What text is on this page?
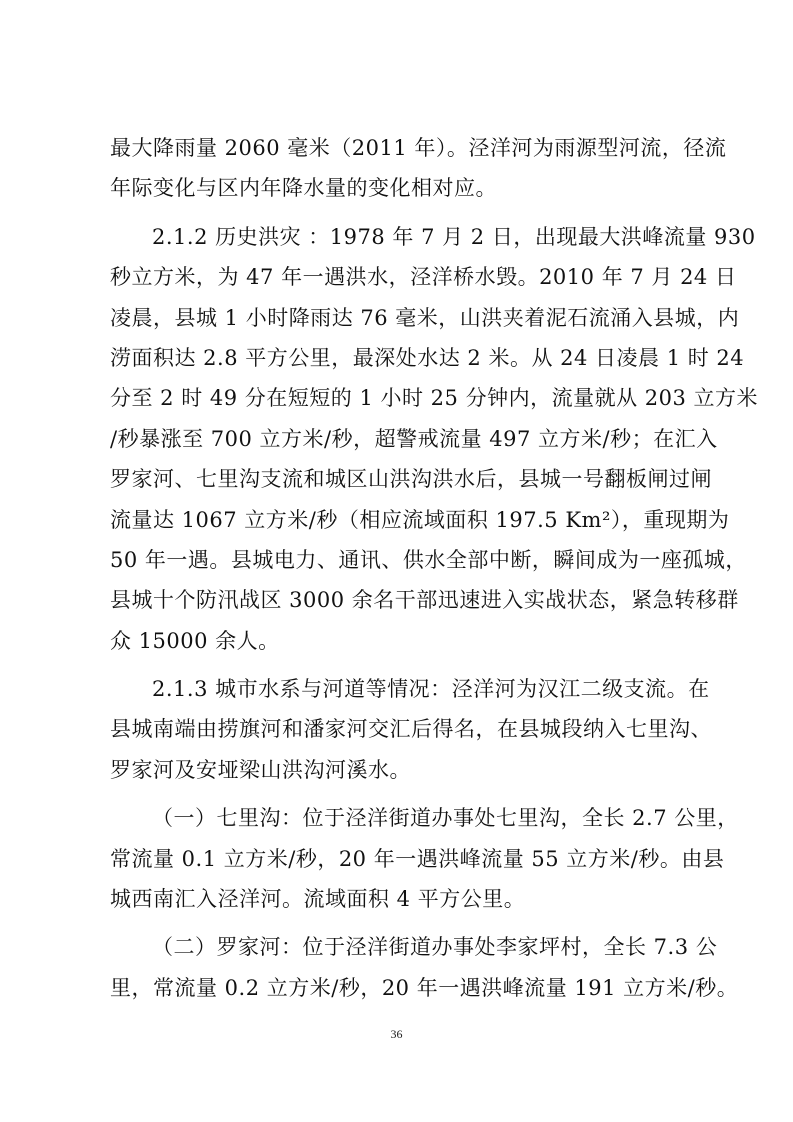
最大降雨量 2060 毫米（2011 年）。泾洋河为雨源型河流，径流
年际变化与区内年降水量的变化相对应。
2.1.2 历史洪灾 ：1978 年 7 月 2 日，出现最大洪峰流量 930
秒立方米，为 47 年一遇洪水，泾洋桥水毁。2010 年 7 月 24 日
凌晨，县城 1 小时降雨达 76 毫米，山洪夹着泥石流涌入县城，内
涝面积达 2.8 平方公里，最深处水达 2 米。从 24 日凌晨 1 时 24
分至 2 时 49 分在短短的 1 小时 25 分钟内，流量就从 203 立方米
/秒暴涨至 700 立方米/秒，超警戒流量 497 立方米/秒；在汇入
罗家河、七里沟支流和城区山洪沟洪水后，县城一号翻板闸过闸
流量达 1067 立方米/秒（相应流域面积 197.5 Km²），重现期为
50 年一遇。县城电力、通讯、供水全部中断，瞬间成为一座孤城，
县城十个防汛战区 3000 余名干部迅速进入实战状态，紧急转移群
众 15000 余人。
2.1.3 城市水系与河道等情况：泾洋河为汉江二级支流。在
县城南端由捞旗河和潘家河交汇后得名，在县城段纳入七里沟、
罗家河及安垭梁山洪沟河溪水。
（一）七里沟：位于泾洋街道办事处七里沟，全长 2.7 公里，
常流量 0.1 立方米/秒，20 年一遇洪峰流量 55 立方米/秒。由县
城西南汇入泾洋河。流域面积 4 平方公里。
（二）罗家河：位于泾洋街道办事处李家坪村，全长 7.3 公
里，常流量 0.2 立方米/秒，20 年一遇洪峰流量 191 立方米/秒。
36
